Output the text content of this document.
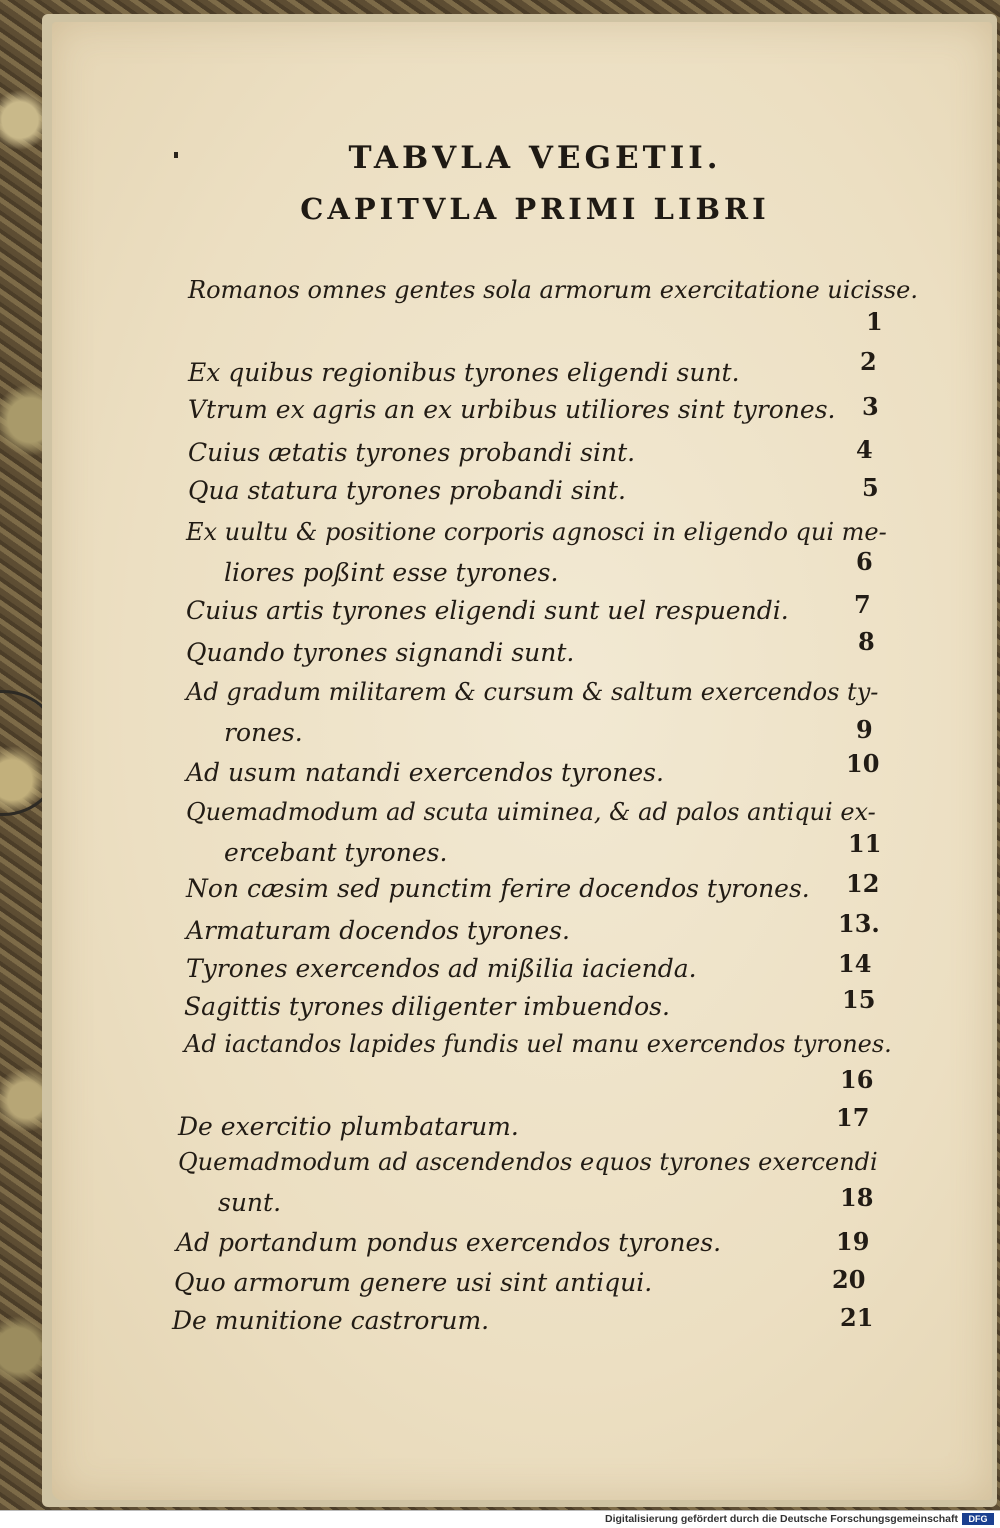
TABVLA VEGETII.
CAPITVLA PRIMI LIBRI
Romanos omnes gentes sola armorum exercitatione uicisse.
1
Ex quibus regionibus tyrones eligendi sunt.	2
Vtrum ex agris an ex urbibus utiliores sint tyrones. 3
Cuius ætatis tyrones probandi sint.	4
Qua statura tyrones probandi sint.	5
Ex uultu & positione corporis agnosci in eligendo qui me-
liores poßint esse tyrones.	6
Cuius artis tyrones eligendi sunt uel respuendi.	7
Quando tyrones signandi sunt.	8
Ad gradum militarem & cursum & saltum exercendos ty-
rones.	9
Ad usum natandi exercendos tyrones.	10
Quemadmodum ad scuta uiminea, & ad palos antiqui ex-
ercebant tyrones.	11
Non cæsim sed punctim ferire docendos tyrones. 12
Armaturam docendos tyrones.	13.
Tyrones exercendos ad mißilia iacienda.	14
Sagittis tyrones diligenter imbuendos.	15
Ad iactandos lapides fundis uel manu exercendos tyrones.
16
De exercitio plumbatarum.	17
Quemadmodum ad ascendendos equos tyrones exercendi
sunt.	18
Ad portandum pondus exercendos tyrones.	19
Quo armorum genere usi sint antiqui.	20
De munitione castrorum.	21
Digitalisierung gefördert durch die Deutsche Forschungsgemeinschaft	DFG
